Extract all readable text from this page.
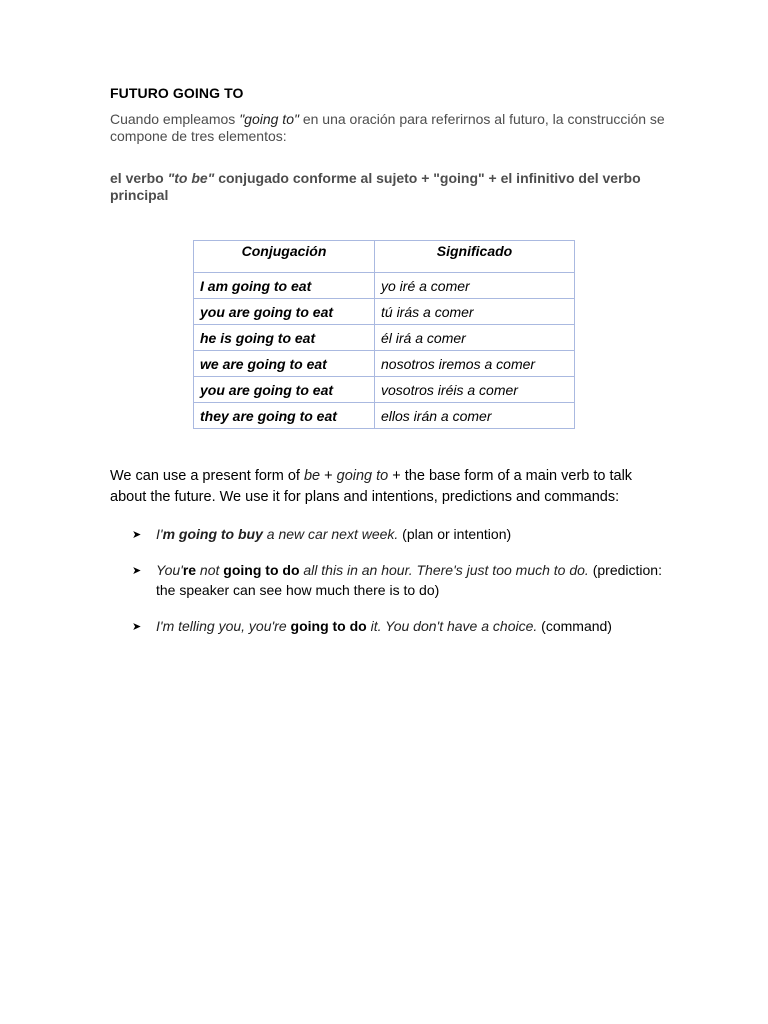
FUTURO GOING TO
Cuando empleamos "going to" en una oración para referirnos al futuro, la construcción se compone de tres elementos:
el verbo "to be" conjugado conforme al sujeto + "going" + el infinitivo del verbo principal
Conjugación	Significado
I am going to eat	yo iré a comer
you are going to eat	tú irás a comer
he is going to eat	él irá a comer
we are going to eat	nosotros iremos a comer
you are going to eat	vosotros iréis a comer
they are going to eat	ellos irán a comer
We can use a present form of be + going to + the base form of a main verb to talk about the future. We use it for plans and intentions, predictions and commands:
➤ I'm going to buy a new car next week. (plan or intention)
➤ You're not going to do all this in an hour. There's just too much to do. (prediction: the speaker can see how much there is to do)
➤ I'm telling you, you're going to do it. You don't have a choice. (command)
